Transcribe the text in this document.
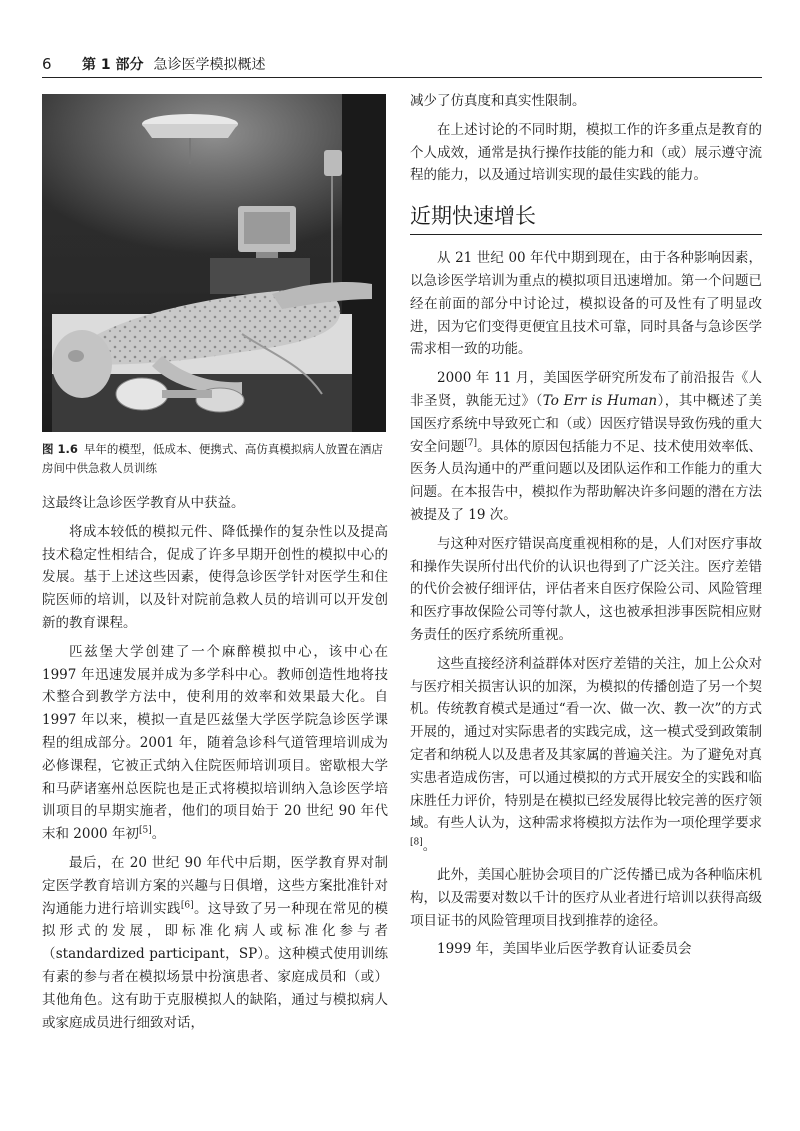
6 第 1 部分 急诊医学模拟概述
图 1.6 早年的模型，低成本、便携式、高仿真模拟病人放置在酒店房间中供急救人员训练

这最终让急诊医学教育从中获益。

将成本较低的模拟元件、降低操作的复杂性以及提高技术稳定性相结合，促成了许多早期开创性的模拟中心的发展。基于上述这些因素，使得急诊医学针对医学生和住院医师的培训，以及针对院前急救人员的培训可以开发创新的教育课程。

匹兹堡大学创建了一个麻醉模拟中心，该中心在 1997 年迅速发展并成为多学科中心。教师创造性地将技术整合到教学方法中，使利用的效率和效果最大化。自 1997 年以来，模拟一直是匹兹堡大学医学院急诊医学课程的组成部分。2001 年，随着急诊科气道管理培训成为必修课程，它被正式纳入住院医师培训项目。密歇根大学和马萨诸塞州总医院也是正式将模拟培训纳入急诊医学培训项目的早期实施者，他们的项目始于 20 世纪 90 年代末和 2000 年初[5]。

最后，在 20 世纪 90 年代中后期，医学教育界对制定医学教育培训方案的兴趣与日俱增，这些方案批准针对沟通能力进行培训实践[6]。这导致了另一种现在常见的模拟形式的发展，即标准化病人或标准化参与者（standardized participant，SP）。这种模式使用训练有素的参与者在模拟场景中扮演患者、家庭成员和（或）其他角色。这有助于克服模拟人的缺陷，通过与模拟病人或家庭成员进行细致对话，

减少了仿真度和真实性限制。

在上述讨论的不同时期，模拟工作的许多重点是教育的个人成效，通常是执行操作技能的能力和（或）展示遵守流程的能力，以及通过培训实现的最佳实践的能力。

近期快速增长

从 21 世纪 00 年代中期到现在，由于各种影响因素，以急诊医学培训为重点的模拟项目迅速增加。第一个问题已经在前面的部分中讨论过，模拟设备的可及性有了明显改进，因为它们变得更便宜且技术可靠，同时具备与急诊医学需求相一致的功能。

2000 年 11 月，美国医学研究所发布了前沿报告《人非圣贤，孰能无过》（To Err is Human），其中概述了美国医疗系统中导致死亡和（或）因医疗错误导致伤残的重大安全问题[7]。具体的原因包括能力不足、技术使用效率低、医务人员沟通中的严重问题以及团队运作和工作能力的重大问题。在本报告中，模拟作为帮助解决许多问题的潜在方法被提及了 19 次。

与这种对医疗错误高度重视相称的是，人们对医疗事故和操作失误所付出代价的认识也得到了广泛关注。医疗差错的代价会被仔细评估，评估者来自医疗保险公司、风险管理和医疗事故保险公司等付款人，这也被承担涉事医院相应财务责任的医疗系统所重视。

这些直接经济利益群体对医疗差错的关注，加上公众对与医疗相关损害认识的加深，为模拟的传播创造了另一个契机。传统教育模式是通过“看一次、做一次、教一次”的方式开展的，通过对实际患者的实践完成，这一模式受到政策制定者和纳税人以及患者及其家属的普遍关注。为了避免对真实患者造成伤害，可以通过模拟的方式开展安全的实践和临床胜任力评价，特别是在模拟已经发展得比较完善的医疗领域。有些人认为，这种需求将模拟方法作为一项伦理学要求[8]。

此外，美国心脏协会项目的广泛传播已成为各种临床机构，以及需要对数以千计的医疗从业者进行培训以获得高级项目证书的风险管理项目找到推荐的途径。

1999 年，美国毕业后医学教育认证委员会
